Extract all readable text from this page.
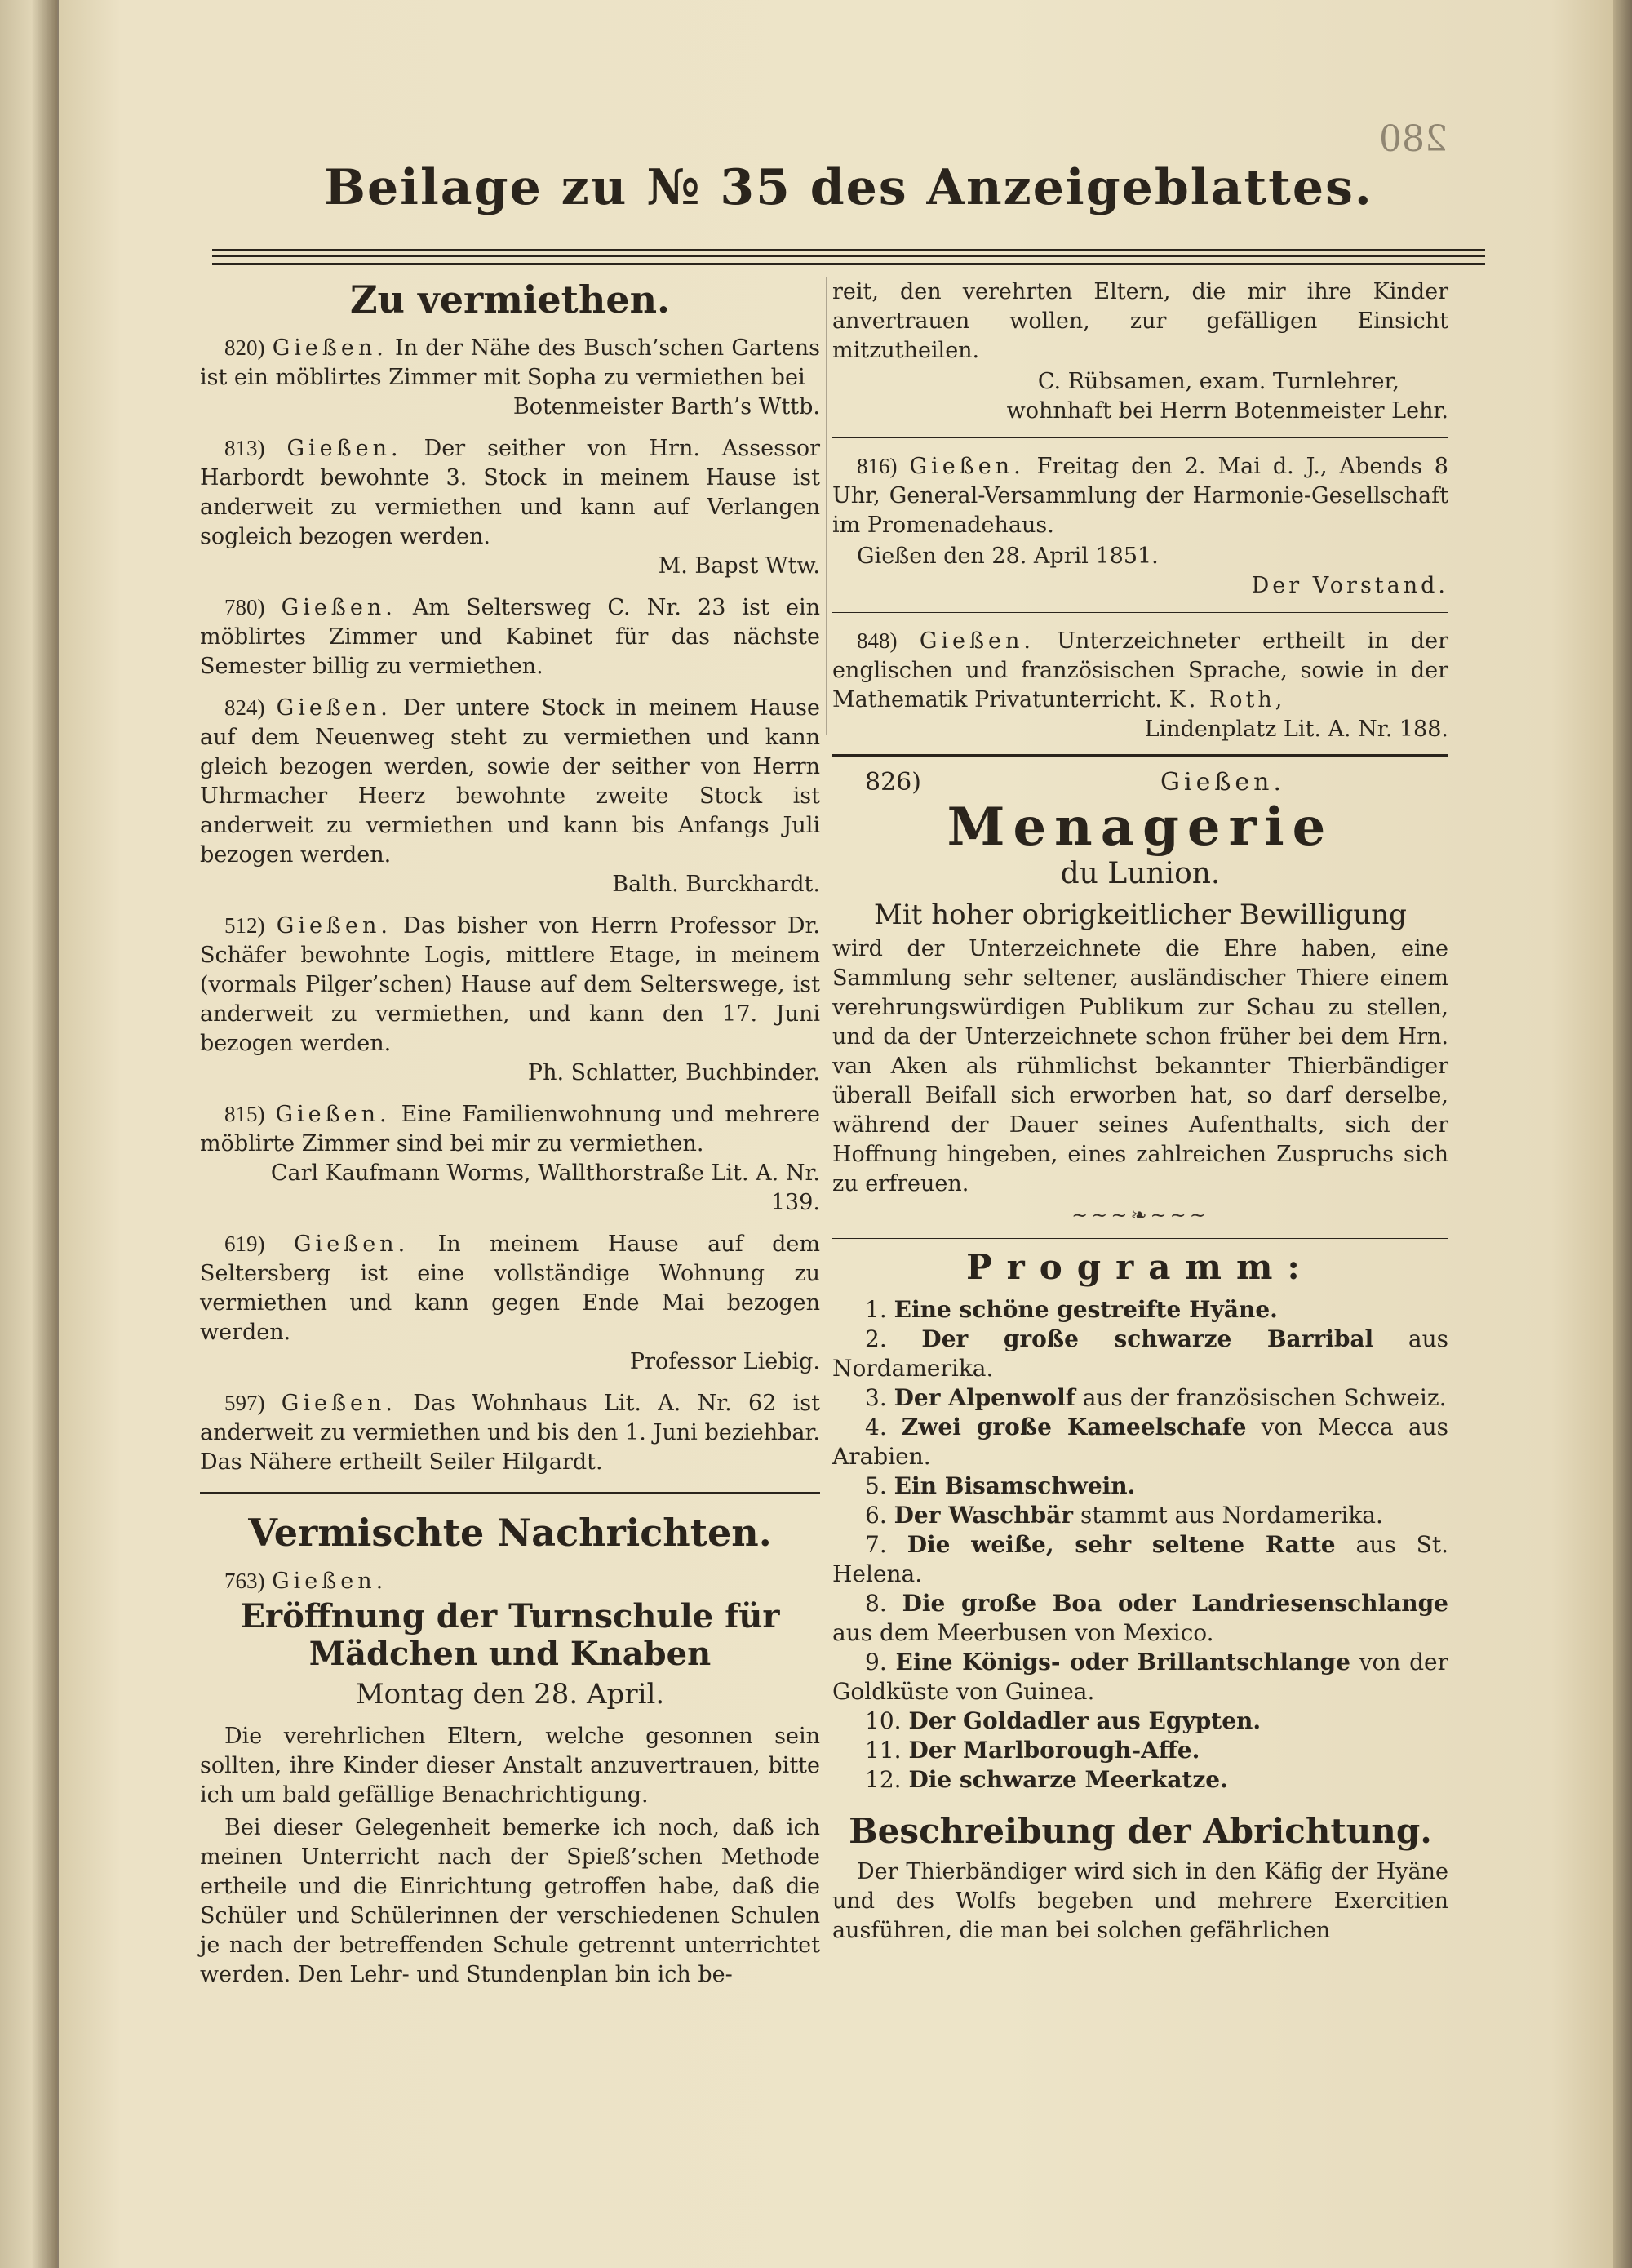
280
Beilage zu № 35 des Anzeigeblattes.
Zu vermiethen.

820) Gießen. In der Nähe des Busch’schen Gartens ist ein möblirtes Zimmer mit Sopha zu vermiethen bei
Botenmeister Barth’s Wttb.

813) Gießen. Der seither von Hrn. Assessor Harbordt bewohnte 3. Stock in meinem Hause ist anderweit zu vermiethen und kann auf Verlangen sogleich bezogen werden.
M. Bapst Wtw.

780) Gießen. Am Seltersweg C. Nr. 23 ist ein möblirtes Zimmer und Kabinet für das nächste Semester billig zu vermiethen.

824) Gießen. Der untere Stock in meinem Hause auf dem Neuenweg steht zu vermiethen und kann gleich bezogen werden, sowie der seither von Herrn Uhrmacher Heerz bewohnte zweite Stock ist anderweit zu vermiethen und kann bis Anfangs Juli bezogen werden.
Balth. Burckhardt.

512) Gießen. Das bisher von Herrn Professor Dr. Schäfer bewohnte Logis, mittlere Etage, in meinem (vormals Pilger’schen) Hause auf dem Selterswege, ist anderweit zu vermiethen, und kann den 17. Juni bezogen werden.
Ph. Schlatter, Buchbinder.

815) Gießen. Eine Familienwohnung und mehrere möblirte Zimmer sind bei mir zu vermiethen.
Carl Kaufmann Worms, Wallthorstraße Lit. A. Nr. 139.

619) Gießen. In meinem Hause auf dem Seltersberg ist eine vollständige Wohnung zu vermiethen und kann gegen Ende Mai bezogen werden.
Professor Liebig.

597) Gießen. Das Wohnhaus Lit. A. Nr. 62 ist anderweit zu vermiethen und bis den 1. Juni beziehbar. Das Nähere ertheilt Seiler Hilgardt.

Vermischte Nachrichten.

763) Gießen.

Eröffnung der Turnschule für Mädchen und Knaben
Montag den 28. April.

Die verehrlichen Eltern, welche gesonnen sein sollten, ihre Kinder dieser Anstalt anzuvertrauen, bitte ich um bald gefällige Benachrichtigung.

Bei dieser Gelegenheit bemerke ich noch, daß ich meinen Unterricht nach der Spieß’schen Methode ertheile und die Einrichtung getroffen habe, daß die Schüler und Schülerinnen der verschiedenen Schulen je nach der betreffenden Schule getrennt unterrichtet werden. Den Lehr- und Stundenplan bin ich be-

reit, den verehrten Eltern, die mir ihre Kinder anvertrauen wollen, zur gefälligen Einsicht mitzutheilen.

C. Rübsamen, exam. Turnlehrer,
wohnhaft bei Herrn Botenmeister Lehr.

816) Gießen. Freitag den 2. Mai d. J., Abends 8 Uhr, General-Versammlung der Harmonie-Gesellschaft im Promenadehaus.

Gießen den 28. April 1851.

Der Vorstand.

848) Gießen. Unterzeichneter ertheilt in der englischen und französischen Sprache, sowie in der Mathematik Privatunterricht. K. Roth,

Lindenplatz Lit. A. Nr. 188.
826)	Gießen.
Menagerie
du Lunion.
Mit hoher obrigkeitlicher Bewilligung

wird der Unterzeichnete die Ehre haben, eine Sammlung sehr seltener, ausländischer Thiere einem verehrungswürdigen Publikum zur Schau zu stellen, und da der Unterzeichnete schon früher bei dem Hrn. van Aken als rühmlichst bekannter Thierbändiger überall Beifall sich erworben hat, so darf derselbe, während der Dauer seines Aufenthalts, sich der Hoffnung hingeben, eines zahlreichen Zuspruchs sich zu erfreuen.

~~~❧~~~
Programm:

1. Eine schöne gestreifte Hyäne.

2. Der große schwarze Barribal aus Nordamerika.

3. Der Alpenwolf aus der französischen Schweiz.

4. Zwei große Kameelschafe von Mecca aus Arabien.

5. Ein Bisamschwein.

6. Der Waschbär stammt aus Nordamerika.

7. Die weiße, sehr seltene Ratte aus St. Helena.

8. Die große Boa oder Landriesenschlange aus dem Meerbusen von Mexico.

9. Eine Königs- oder Brillantschlange von der Goldküste von Guinea.

10. Der Goldadler aus Egypten.

11. Der Marlborough-Affe.

12. Die schwarze Meerkatze.

Beschreibung der Abrichtung.

Der Thierbändiger wird sich in den Käfig der Hyäne und des Wolfs begeben und mehrere Exercitien ausführen, die man bei solchen gefährlichen
